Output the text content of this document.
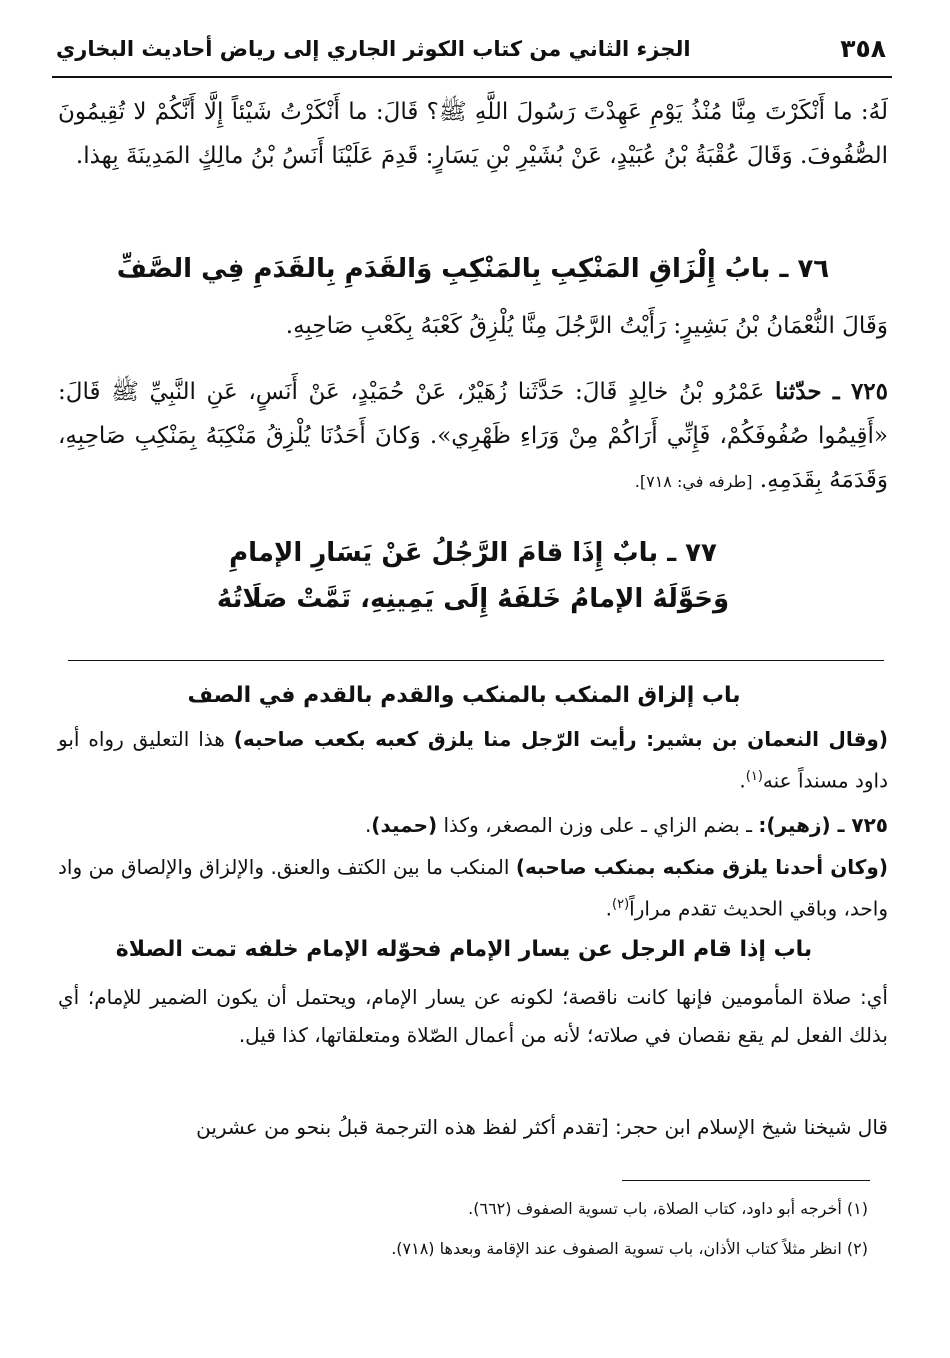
٣٥٨
الجزء الثاني من كتاب الكوثر الجاري إلى رياض أحاديث البخاري

لَهُ: ما أَنْكَرْتَ مِنَّا مُنْذُ يَوْمِ عَهِدْتَ رَسُولَ اللَّهِ ﷺ؟ قَالَ: ما أَنْكَرْتُ شَيْئاً إِلَّا أَنَّكُمْ لا تُقِيمُونَ الصُّفُوفَ. وَقَالَ عُقْبَةُ بْنُ عُبَيْدٍ، عَنْ بُشَيْرِ بْنِ يَسَارٍ: قَدِمَ عَلَيْنَا أَنَسُ بْنُ مالِكٍ المَدِينَةَ بِهذا.

٧٦ ـ بابُ إِلْزَاقِ المَنْكِبِ بِالمَنْكِبِ وَالقَدَمِ بِالقَدَمِ فِي الصَّفِّ

وَقَالَ النُّعْمَانُ بْنُ بَشِيرٍ: رَأَيْتُ الرَّجُلَ مِنَّا يُلْزِقُ كَعْبَهُ بِكَعْبِ صَاحِبِهِ.

٧٢٥ ـ حدّثنا عَمْرُو بْنُ خالِدٍ قَالَ: حَدَّثَنا زُهَيْرٌ، عَنْ حُمَيْدٍ، عَنْ أَنَسٍ، عَنِ النَّبِيِّ ﷺ قَالَ: «أَقِيمُوا صُفُوفَكُمْ، فَإِنِّي أَرَاكُمْ مِنْ وَرَاءِ ظَهْرِي». وَكانَ أَحَدُنَا يُلْزِقُ مَنْكِبَهُ بِمَنْكِبِ صَاحِبِهِ، وَقَدَمَهُ بِقَدَمِهِ. [طرفه في: ٧١٨].

٧٧ ـ بابٌ إِذَا قامَ الرَّجُلُ عَنْ يَسَارِ الإمامِ
وَحَوَّلَهُ الإمامُ خَلفَهُ إِلَى يَمِينِهِ، تَمَّتْ صَلَاتُهُ
باب إلزاق المنكب بالمنكب والقدم بالقدم في الصف

(وقال النعمان بن بشير: رأيت الرّجل منا يلزق كعبه بكعب صاحبه) هذا التعليق رواه أبو داود مسنداً عنه$^{(١)}$.

٧٢٥ ـ (زهير): ـ بضم الزاي ـ على وزن المصغر، وكذا (حميد).

(وكان أحدنا يلزق منكبه بمنكب صاحبه) المنكب ما بين الكتف والعنق. والإلزاق والإلصاق من واد واحد، وباقي الحديث تقدم مراراً$^{(٢)}$.

باب إذا قام الرجل عن يسار الإمام فحوّله الإمام خلفه تمت الصلاة

أي: صلاة المأمومين فإنها كانت ناقصة؛ لكونه عن يسار الإمام، ويحتمل أن يكون الضمير للإمام؛ أي بذلك الفعل لم يقع نقصان في صلاته؛ لأنه من أعمال الصّلاة ومتعلقاتها، كذا قيل.

قال شيخنا شيخ الإسلام ابن حجر: [تقدم أكثر لفظ هذه الترجمة قبلُ بنحو من عشرين

(١) أخرجه أبو داود، كتاب الصلاة، باب تسوية الصفوف (٦٦٢).

(٢) انظر مثلاً كتاب الأذان، باب تسوية الصفوف عند الإقامة وبعدها (٧١٨).
